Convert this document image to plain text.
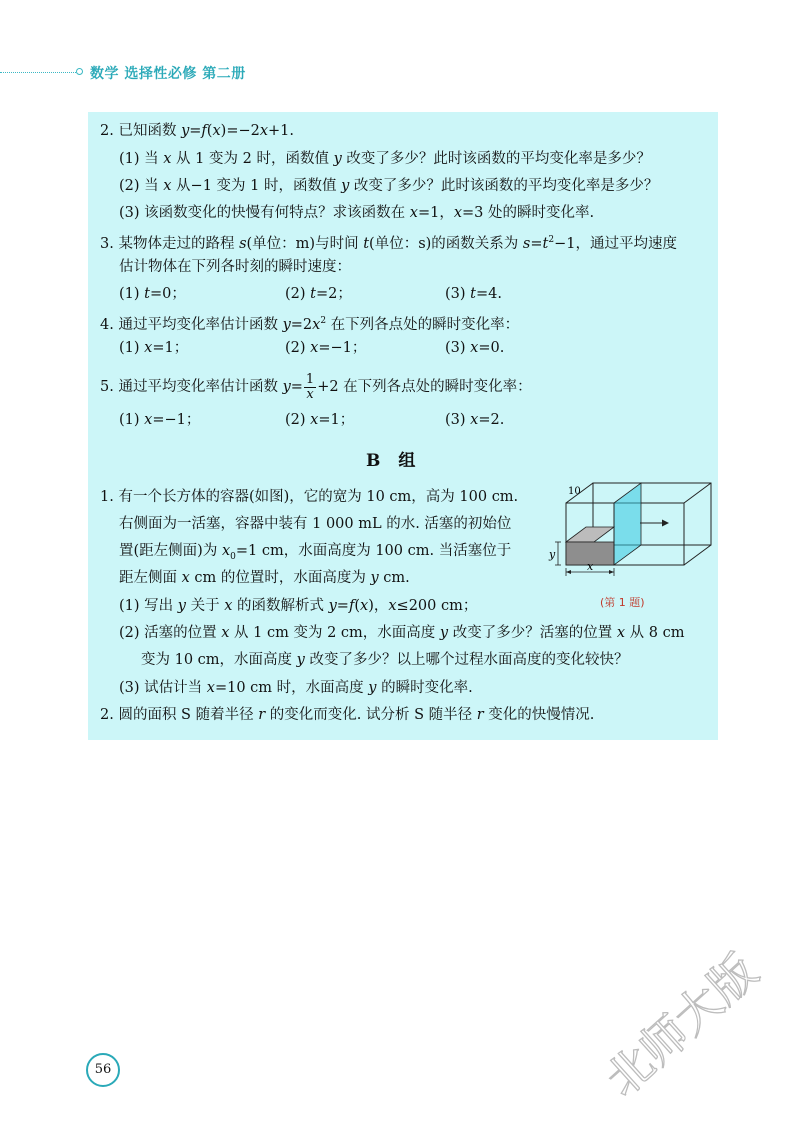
数学 选择性必修 第二册
2. 已知函数 y=f(x)=−2x+1.
(1) 当 x 从 1 变为 2 时，函数值 y 改变了多少？此时该函数的平均变化率是多少？
(2) 当 x 从−1 变为 1 时，函数值 y 改变了多少？此时该函数的平均变化率是多少？
(3) 该函数变化的快慢有何特点？求该函数在 x=1，x=3 处的瞬时变化率.
3. 某物体走过的路程 s(单位：m)与时间 t(单位：s)的函数关系为 $s=t^2-1$，通过平均速度
估计物体在下列各时刻的瞬时速度：
(1) t=0；	(2) t=2；	(3) t=4.
4. 通过平均变化率估计函数 $y=2x^2$ 在下列各点处的瞬时变化率：
(1) x=1；	(2) x=−1；	(3) x=0.
5. 通过平均变化率估计函数 $y= \frac{1}{x} +2$ 在下列各点处的瞬时变化率：
(1) x=−1；	(2) x=1；	(3) x=2.
B组
1. 有一个长方体的容器(如图)，它的宽为 10 cm，高为 100 cm.
右侧面为一活塞，容器中装有 1 000 mL 的水. 活塞的初始位
置(距左侧面)为 $x_0=1$ cm，水面高度为 100 cm. 当活塞位于
距左侧面 x cm 的位置时，水面高度为 y cm.
(1) 写出 y 关于 x 的函数解析式 y=f(x)，x≤200 cm；
(2) 活塞的位置 x 从 1 cm 变为 2 cm，水面高度 y 改变了多少？活塞的位置 x 从 8 cm
变为 10 cm，水面高度 y 改变了多少？以上哪个过程水面高度的变化较快？
(3) 试估计当 x=10 cm 时，水面高度 y 的瞬时变化率.
2. 圆的面积 S 随着半径 r 的变化而变化. 试分析 S 随半径 r 变化的快慢情况.
10
y
x
(第 1 题)
56	北师大版
